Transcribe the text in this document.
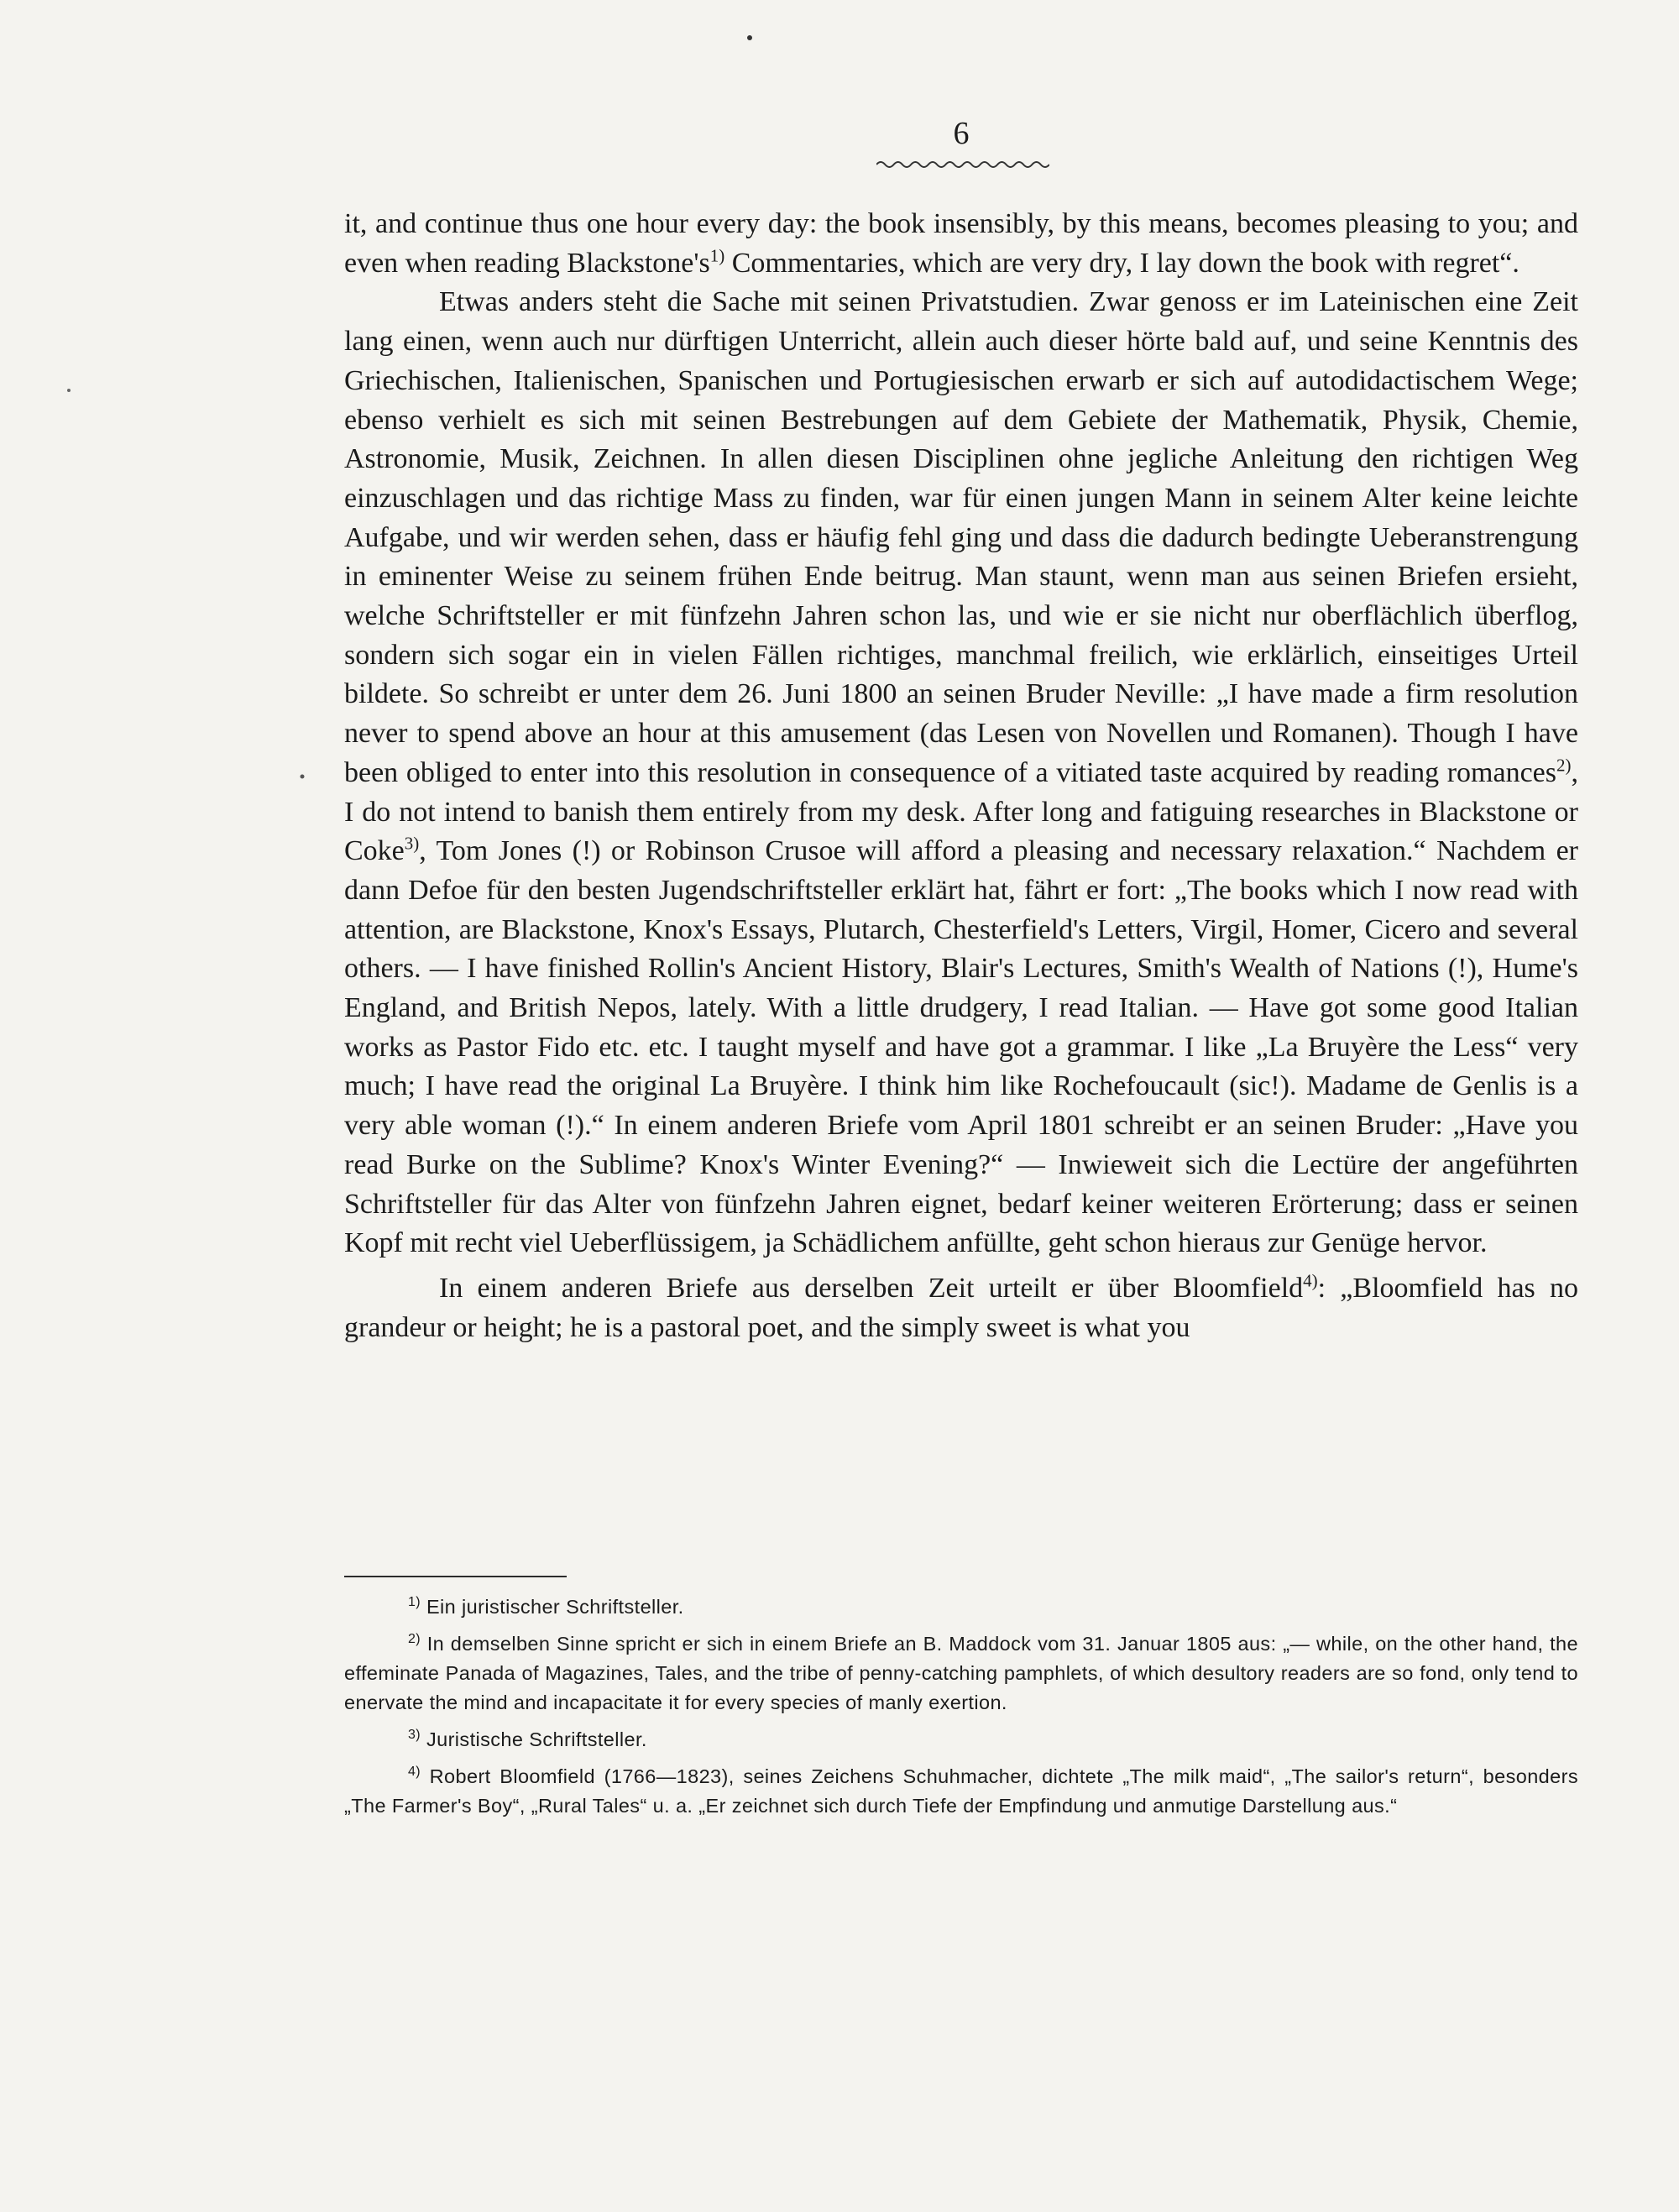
6

it, and continue thus one hour every day: the book insensibly, by this means, becomes pleasing to you; and even when reading $Blackstone's^{1)}$ Commentaries, which are very dry, I lay down the book with regret“.

Etwas anders steht die Sache mit seinen Privatstudien. Zwar genoss er im Lateinischen eine Zeit lang einen, wenn auch nur dürftigen Unterricht, allein auch dieser hörte bald auf, und seine Kenntnis des Griechischen, Italienischen, Spanischen und Portugiesischen erwarb er sich auf autodidactischem Wege; ebenso verhielt es sich mit seinen Bestrebungen auf dem Gebiete der Mathematik, Physik, Chemie, Astronomie, Musik, Zeichnen. In allen diesen Disciplinen ohne jegliche Anleitung den richtigen Weg einzuschlagen und das richtige Mass zu finden, war für einen jungen Mann in seinem Alter keine leichte Aufgabe, und wir werden sehen, dass er häufig fehl ging und dass die dadurch bedingte Ueberanstrengung in eminenter Weise zu seinem frühen Ende beitrug. Man staunt, wenn man aus seinen Briefen ersieht, welche Schriftsteller er mit fünfzehn Jahren schon las, und wie er sie nicht nur oberflächlich überflog, sondern sich sogar ein in vielen Fällen richtiges, manchmal freilich, wie erklärlich, einseitiges Urteil bildete. So schreibt er unter dem 26. Juni 1800 an seinen Bruder Neville: „I have made a firm resolution never to spend above an hour at this amusement (das Lesen von Novellen und Romanen). Though I have been obliged to enter into this resolution in consequence of a vitiated taste acquired by reading romances$^{2)}$, I do not intend to banish them entirely from my desk. After long and fatiguing researches in Blackstone or Coke$^{3)}$, Tom Jones (!) or Robinson Crusoe will afford a pleasing and necessary relaxation.“ Nachdem er dann Defoe für den besten Jugendschriftsteller erklärt hat, fährt er fort: „The books which I now read with attention, are Blackstone, Knox's Essays, Plutarch, Chesterfield's Letters, Virgil, Homer, Cicero and several others. — I have finished Rollin's Ancient History, Blair's Lectures, Smith's Wealth of Nations (!), Hume's England, and British Nepos, lately. With a little drudgery, I read Italian. — Have got some good Italian works as Pastor Fido etc. etc. I taught myself and have got a grammar. I like „La Bruyère the Less“ very much; I have read the original La Bruyère. I think him like Rochefoucault (sic!). Madame de Genlis is a very able woman (!).“ In einem anderen Briefe vom April 1801 schreibt er an seinen Bruder: „Have you read Burke on the Sublime? Knox's Winter Evening?“ — Inwieweit sich die Lectüre der angeführten Schriftsteller für das Alter von fünfzehn Jahren eignet, bedarf keiner weiteren Erörterung; dass er seinen Kopf mit recht viel Ueberflüssigem, ja Schädlichem anfüllte, geht schon hieraus zur Genüge hervor.

In einem anderen Briefe aus derselben Zeit urteilt er über Bloomfield$^{4)}$: „Bloomfield has no grandeur or height; he is a pastoral poet, and the simply sweet is what you

$^{1)}$ Ein juristischer Schriftsteller.

$^{2)}$ In demselben Sinne spricht er sich in einem Briefe an B. Maddock vom 31. Januar 1805 aus: „— while, on the other hand, the effeminate Panada of Magazines, Tales, and the tribe of penny-catching pamphlets, of which desultory readers are so fond, only tend to enervate the mind and incapacitate it for every species of manly exertion.

$^{3)}$ Juristische Schriftsteller.

$^{4)}$ Robert Bloomfield (1766—1823), seines Zeichens Schuhmacher, dichtete „The milk maid“, „The sailor's return“, besonders „The Farmer's Boy“, „Rural Tales“ u. a. „Er zeichnet sich durch Tiefe der Empfindung und anmutige Darstellung aus.“
